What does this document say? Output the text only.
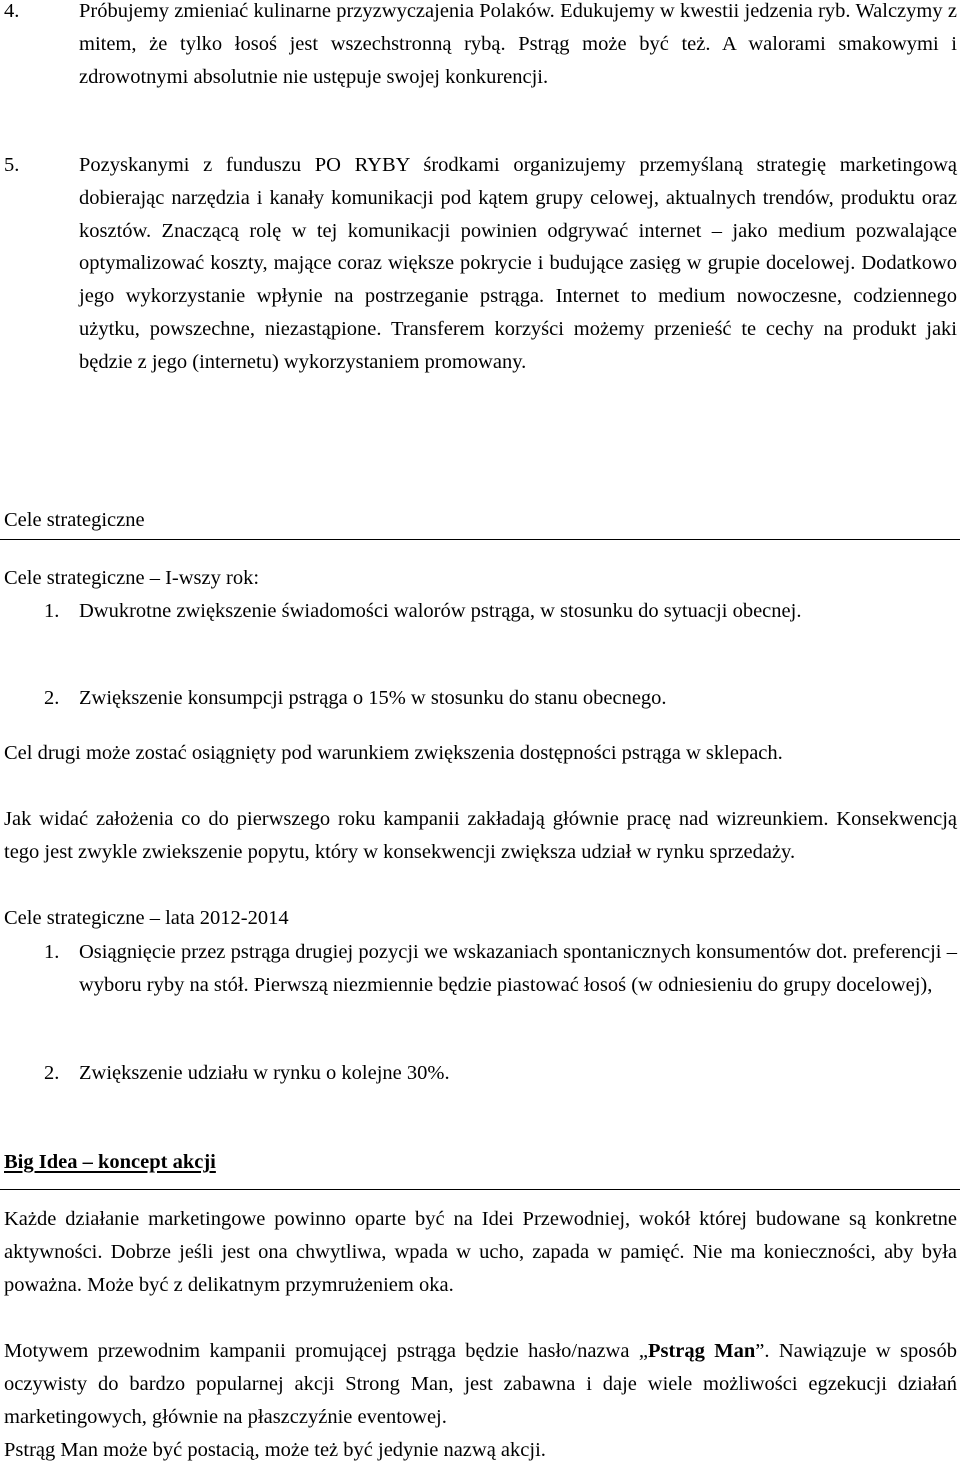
4.	Próbujemy zmieniać kulinarne przyzwyczajenia Polaków. Edukujemy w kwestii jedzenia ryb. Walczymy z mitem, że tylko łosoś jest wszechstronną rybą. Pstrąg może być też. A walorami smakowymi i zdrowotnymi absolutnie nie ustępuje swojej konkurencji.

5.	Pozyskanymi z funduszu PO RYBY środkami organizujemy przemyślaną strategię marketingową dobierając narzędzia i kanały komunikacji pod kątem grupy celowej, aktualnych trendów, produktu oraz kosztów. Znaczącą rolę w tej komunikacji powinien odgrywać internet – jako medium pozwalające optymalizować koszty, mające coraz większe pokrycie i budujące zasięg w grupie docelowej. Dodatkowo jego wykorzystanie wpłynie na postrzeganie pstrąga. Internet to medium nowoczesne, codziennego użytku, powszechne, niezastąpione. Transferem korzyści możemy przenieść te cechy na produkt jaki będzie z jego (internetu) wykorzystaniem promowany.

Cele strategiczne

Cele strategiczne – I-wszy rok:

1. Dwukrotne zwiększenie świadomości walorów pstrąga, w stosunku do sytuacji obecnej.

2. Zwiększenie konsumpcji pstrąga o 15% w stosunku do stanu obecnego.

Cel drugi może zostać osiągnięty pod warunkiem zwiększenia dostępności pstrąga w sklepach.

Jak widać założenia co do pierwszego roku kampanii zakładają głównie pracę nad wizreunkiem. Konsekwencją tego jest zwykle zwiekszenie popytu, który w konsekwencji zwiększa udział w rynku sprzedaży.

Cele strategiczne – lata 2012-2014

1. Osiągnięcie przez pstrąga drugiej pozycji we wskazaniach spontanicznych konsumentów dot. preferencji – wyboru ryby na stół. Pierwszą niezmiennie będzie piastować łosoś (w odniesieniu do grupy docelowej),

2. Zwiększenie udziału w rynku o kolejne 30%.

Big Idea – koncept akcji

Każde działanie marketingowe powinno oparte być na Idei Przewodniej, wokół której budowane są konkretne aktywności. Dobrze jeśli jest ona chwytliwa, wpada w ucho, zapada w pamięć. Nie ma konieczności, aby była poważna. Może być z delikatnym przymrużeniem oka.

Motywem przewodnim kampanii promującej pstrąga będzie hasło/nazwa „Pstrąg Man”. Nawiązuje w sposób oczywisty do bardzo popularnej akcji Strong Man, jest zabawna i daje wiele możliwości egzekucji działań marketingowych, głównie na płaszczyźnie eventowej.

Pstrąg Man może być postacią, może też być jedynie nazwą akcji.
